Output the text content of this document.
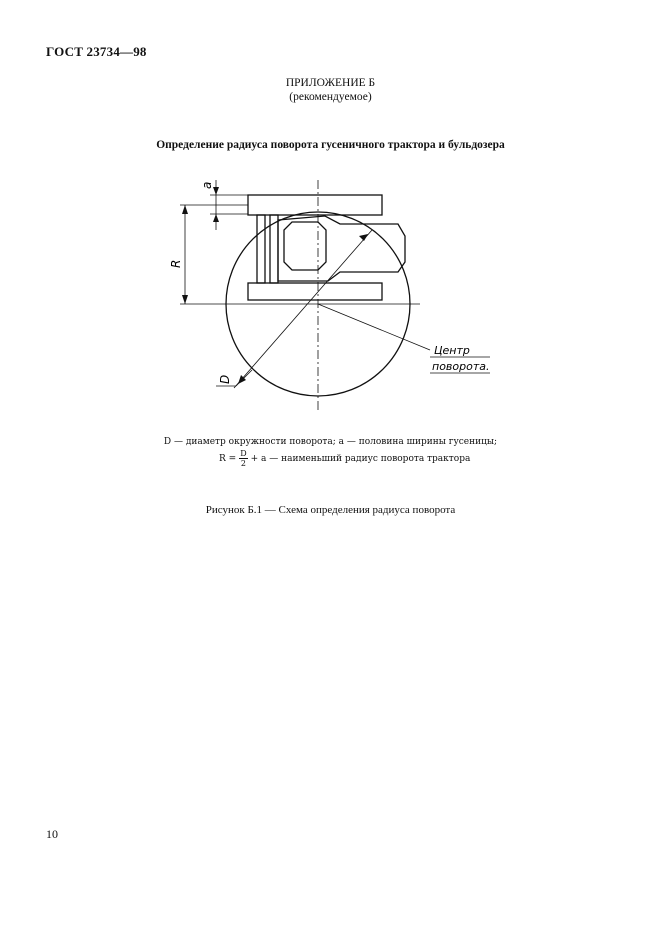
ГОСТ 23734—98
ПРИЛОЖЕНИЕ Б
(рекомендуемое)
Определение радиуса поворота гусеничного трактора и бульдозера
a
R
D
Центр
поворота.
D — диаметр окружности поворота; a — половина ширины гусеницы;
$R = \frac{D}{2} + a$ — наименьший радиус поворота трактора
Рисунок Б.1 — Схема определения радиуса поворота
10
